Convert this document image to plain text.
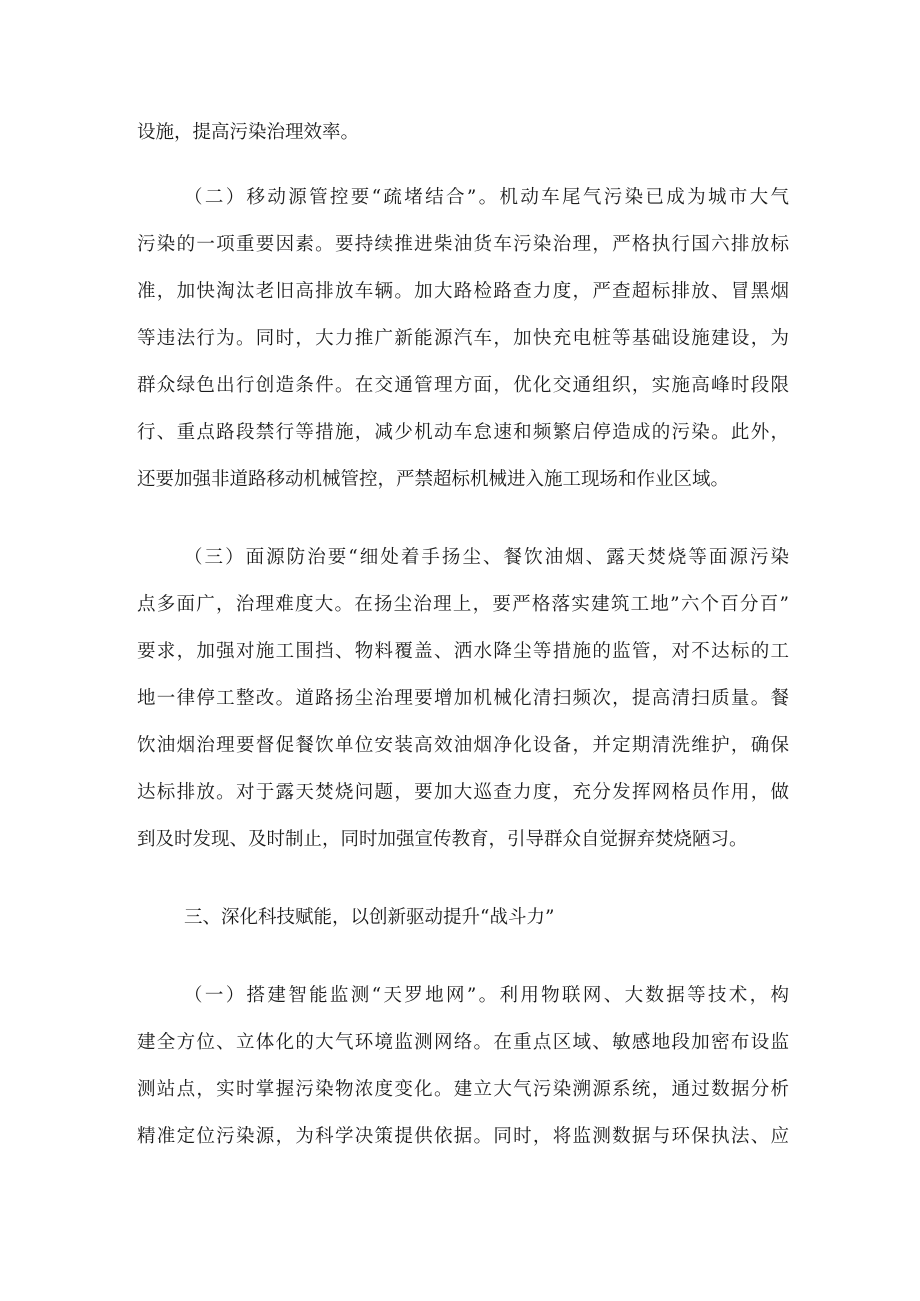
设施，提高污染治理效率。
（二）移动源管控要“疏堵结合”。机动车尾气污染已成为城市大气
污染的一项重要因素。要持续推进柴油货车污染治理，严格执行国六排放标
准，加快淘汰老旧高排放车辆。加大路检路查力度，严查超标排放、冒黑烟
等违法行为。同时，大力推广新能源汽车，加快充电桩等基础设施建设，为
群众绿色出行创造条件。在交通管理方面，优化交通组织，实施高峰时段限
行、重点路段禁行等措施，减少机动车怠速和频繁启停造成的污染。此外，
还要加强非道路移动机械管控，严禁超标机械进入施工现场和作业区域。
（三）面源防治要“细处着手扬尘、餐饮油烟、露天焚烧等面源污染
点多面广，治理难度大。在扬尘治理上，要严格落实建筑工地”六个百分百”
要求，加强对施工围挡、物料覆盖、洒水降尘等措施的监管，对不达标的工
地一律停工整改。道路扬尘治理要增加机械化清扫频次，提高清扫质量。餐
饮油烟治理要督促餐饮单位安装高效油烟净化设备，并定期清洗维护，确保
达标排放。对于露天焚烧问题，要加大巡查力度，充分发挥网格员作用，做
到及时发现、及时制止，同时加强宣传教育，引导群众自觉摒弃焚烧陋习。
三、深化科技赋能，以创新驱动提升“战斗力”
（一）搭建智能监测“天罗地网”。利用物联网、大数据等技术，构
建全方位、立体化的大气环境监测网络。在重点区域、敏感地段加密布设监
测站点，实时掌握污染物浓度变化。建立大气污染溯源系统，通过数据分析
精准定位污染源，为科学决策提供依据。同时，将监测数据与环保执法、应
